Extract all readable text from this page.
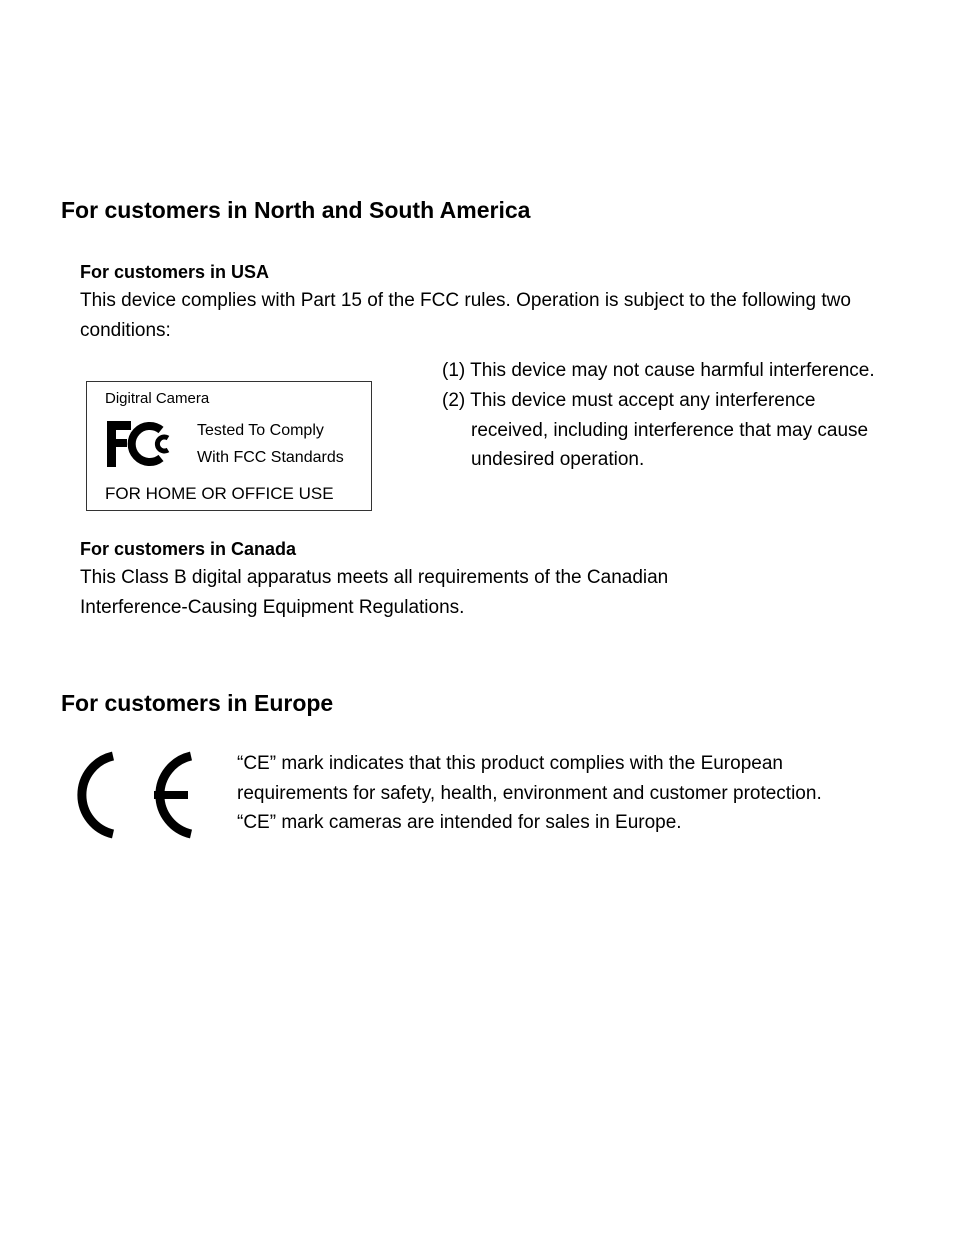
For customers in North and South America
For customers in USA
This device complies with Part 15 of the FCC rules. Operation is subject to the following two
conditions:
Digitral Camera
Tested To Comply
With FCC Standards
FOR HOME OR OFFICE USE
(1) This device may not cause harmful interference.
(2) This device must accept any interference
received, including interference that may cause
undesired operation.
For customers in Canada
This Class B digital apparatus meets all requirements of the Canadian
Interference-Causing Equipment Regulations.
For customers in Europe
“CE” mark indicates that this product complies with the European
requirements for safety, health, environment and customer protection.
“CE” mark cameras are intended for sales in Europe.
